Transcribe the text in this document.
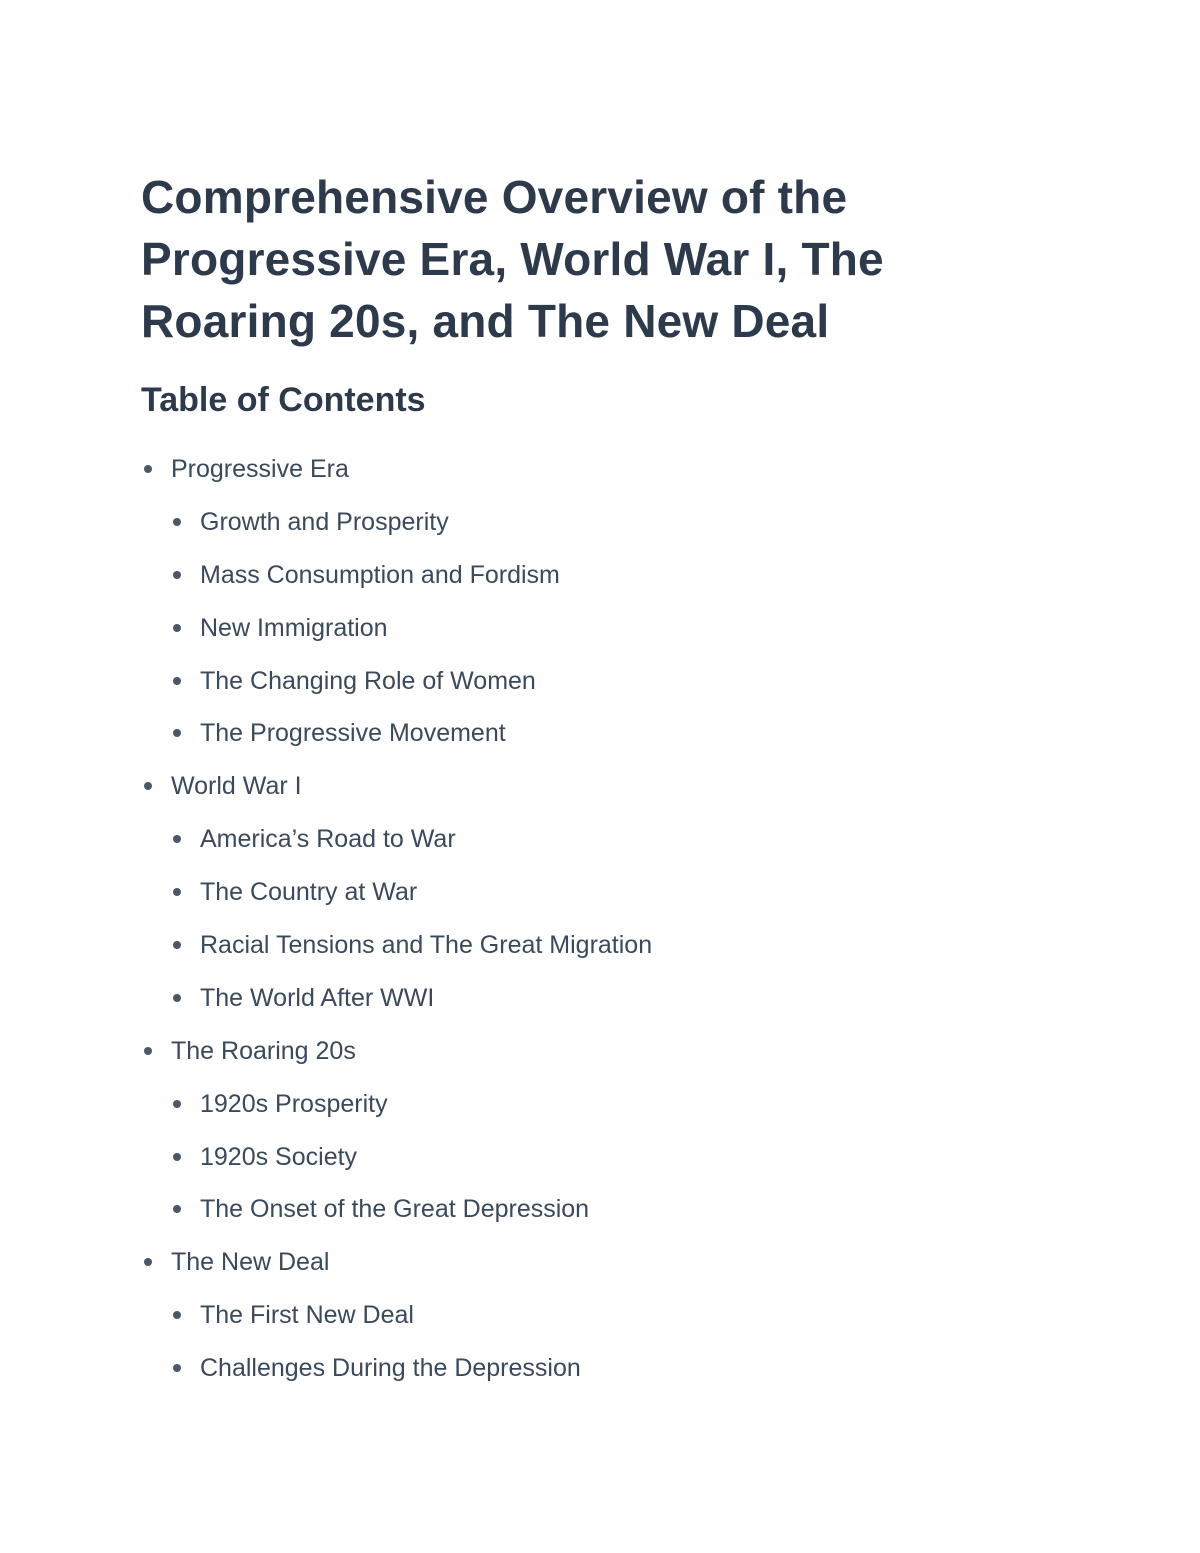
Comprehensive Overview of the Progressive Era, World War I, The Roaring 20s, and The New Deal
Table of Contents
Progressive Era
Growth and Prosperity
Mass Consumption and Fordism
New Immigration
The Changing Role of Women
The Progressive Movement
World War I
America’s Road to War
The Country at War
Racial Tensions and The Great Migration
The World After WWI
The Roaring 20s
1920s Prosperity
1920s Society
The Onset of the Great Depression
The New Deal
The First New Deal
Challenges During the Depression
